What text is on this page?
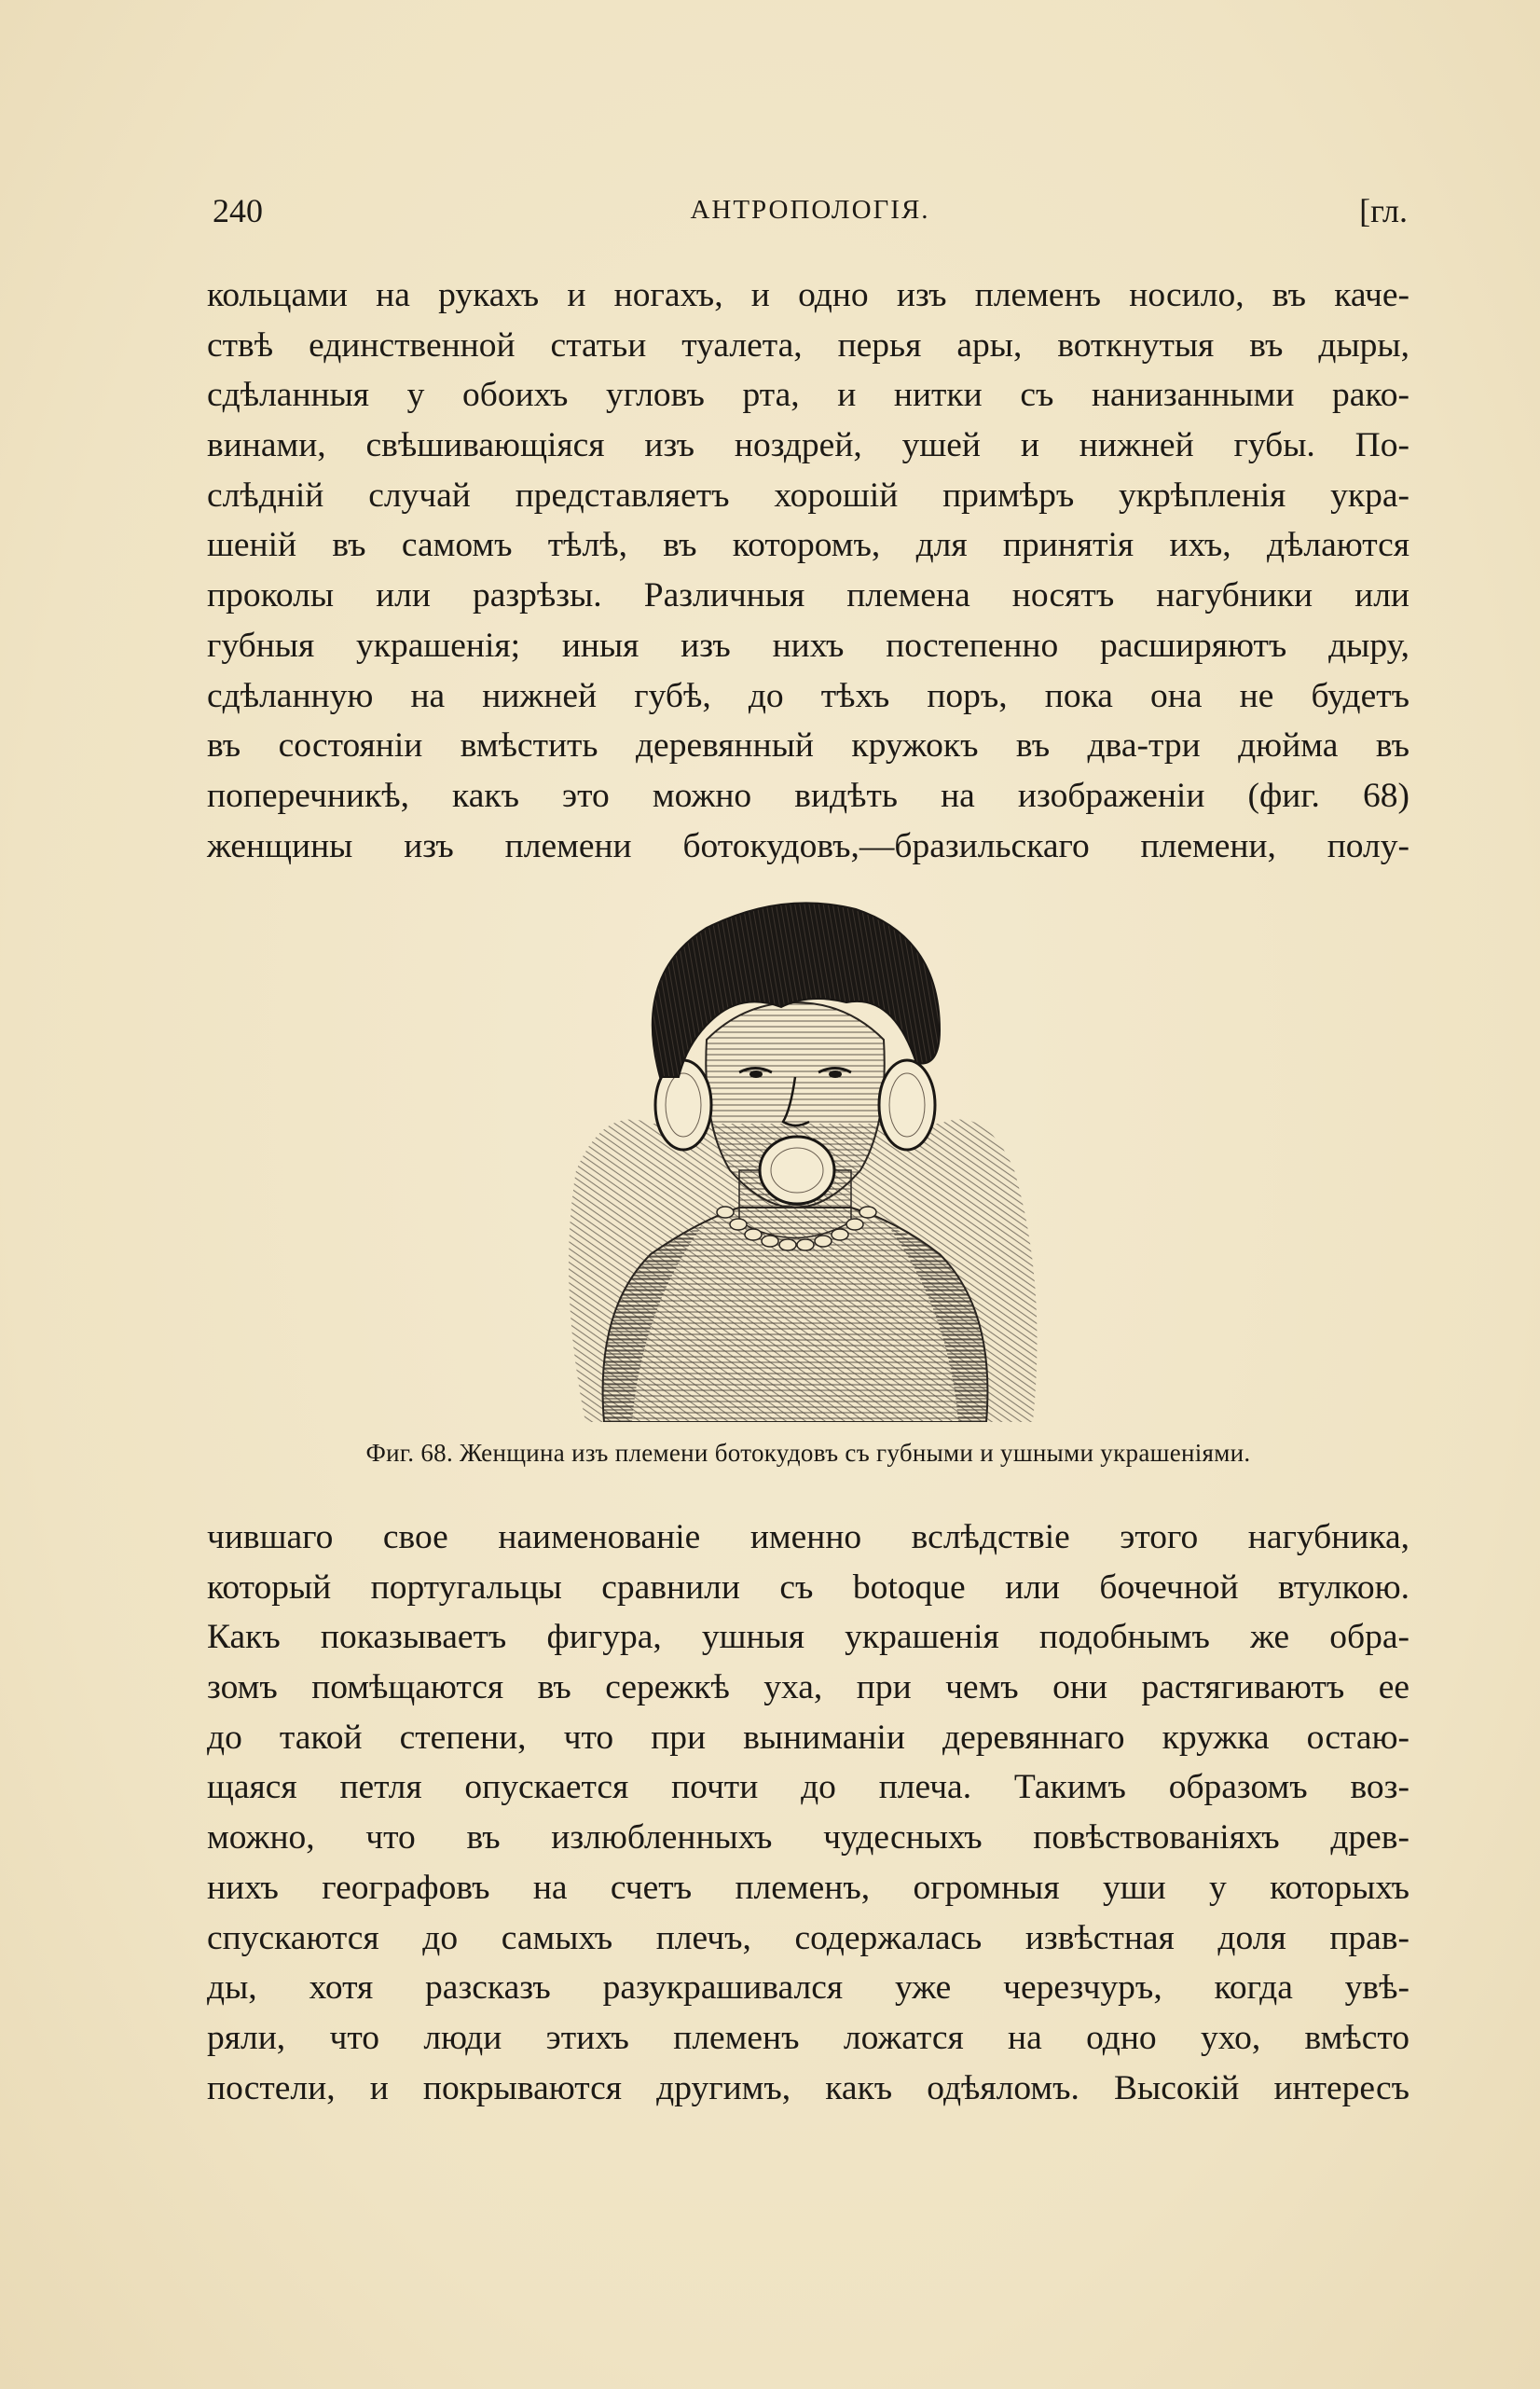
240	АНТРОПОЛОГІЯ.	[гл.
кольцами на рукахъ и ногахъ, и одно изъ племенъ носило, въ каче-
ствѣ единственной статьи туалета, перья ары, воткнутыя въ дыры,
сдѣланныя у обоихъ угловъ рта, и нитки съ нанизанными рако-
винами, свѣшивающіяся изъ ноздрей, ушей и нижней губы. По-
слѣднiй случай представляетъ хорошій примѣръ укрѣпленія укра-
шеній въ самомъ тѣлѣ, въ которомъ, для принятія ихъ, дѣлаются
проколы или разрѣзы. Различныя племена носятъ нагубники или
губныя украшенія; иныя изъ нихъ постепенно расширяютъ дыру,
сдѣланную на нижней губѣ, до тѣхъ поръ, пока она не будетъ
въ состояніи вмѣстить деревянный кружокъ въ два-три дюйма въ
поперечникѣ, какъ это можно видѣть на изображеніи (фиг. 68)
женщины изъ племени ботокудовъ,—бразильскаго племени, полу-
Фиг. 68. Женщина изъ племени ботокудовъ съ губными и ушными украшеніями.
чившаго свое наименованіе именно вслѣдствіе этого нагубника,
который португальцы сравнили съ botoque или бочечной втулкою.
Какъ показываетъ фигура, ушныя украшенія подобнымъ же обра-
зомъ помѣщаются въ сережкѣ уха, при чемъ они растягиваютъ ее
до такой степени, что при выниманіи деревяннаго кружка остаю-
щаяся петля опускается почти до плеча. Такимъ образомъ воз-
можно, что въ излюбленныхъ чудесныхъ повѣствованіяхъ древ-
нихъ географовъ на счетъ племенъ, огромныя уши у которыхъ
спускаются до самыхъ плечъ, содержалась извѣстная доля прав-
ды, хотя разсказъ разукрашивался уже черезчуръ, когда увѣ-
ряли, что люди этихъ племенъ ложатся на одно ухо, вмѣсто
постели, и покрываются другимъ, какъ одѣяломъ. Высокій интересъ
